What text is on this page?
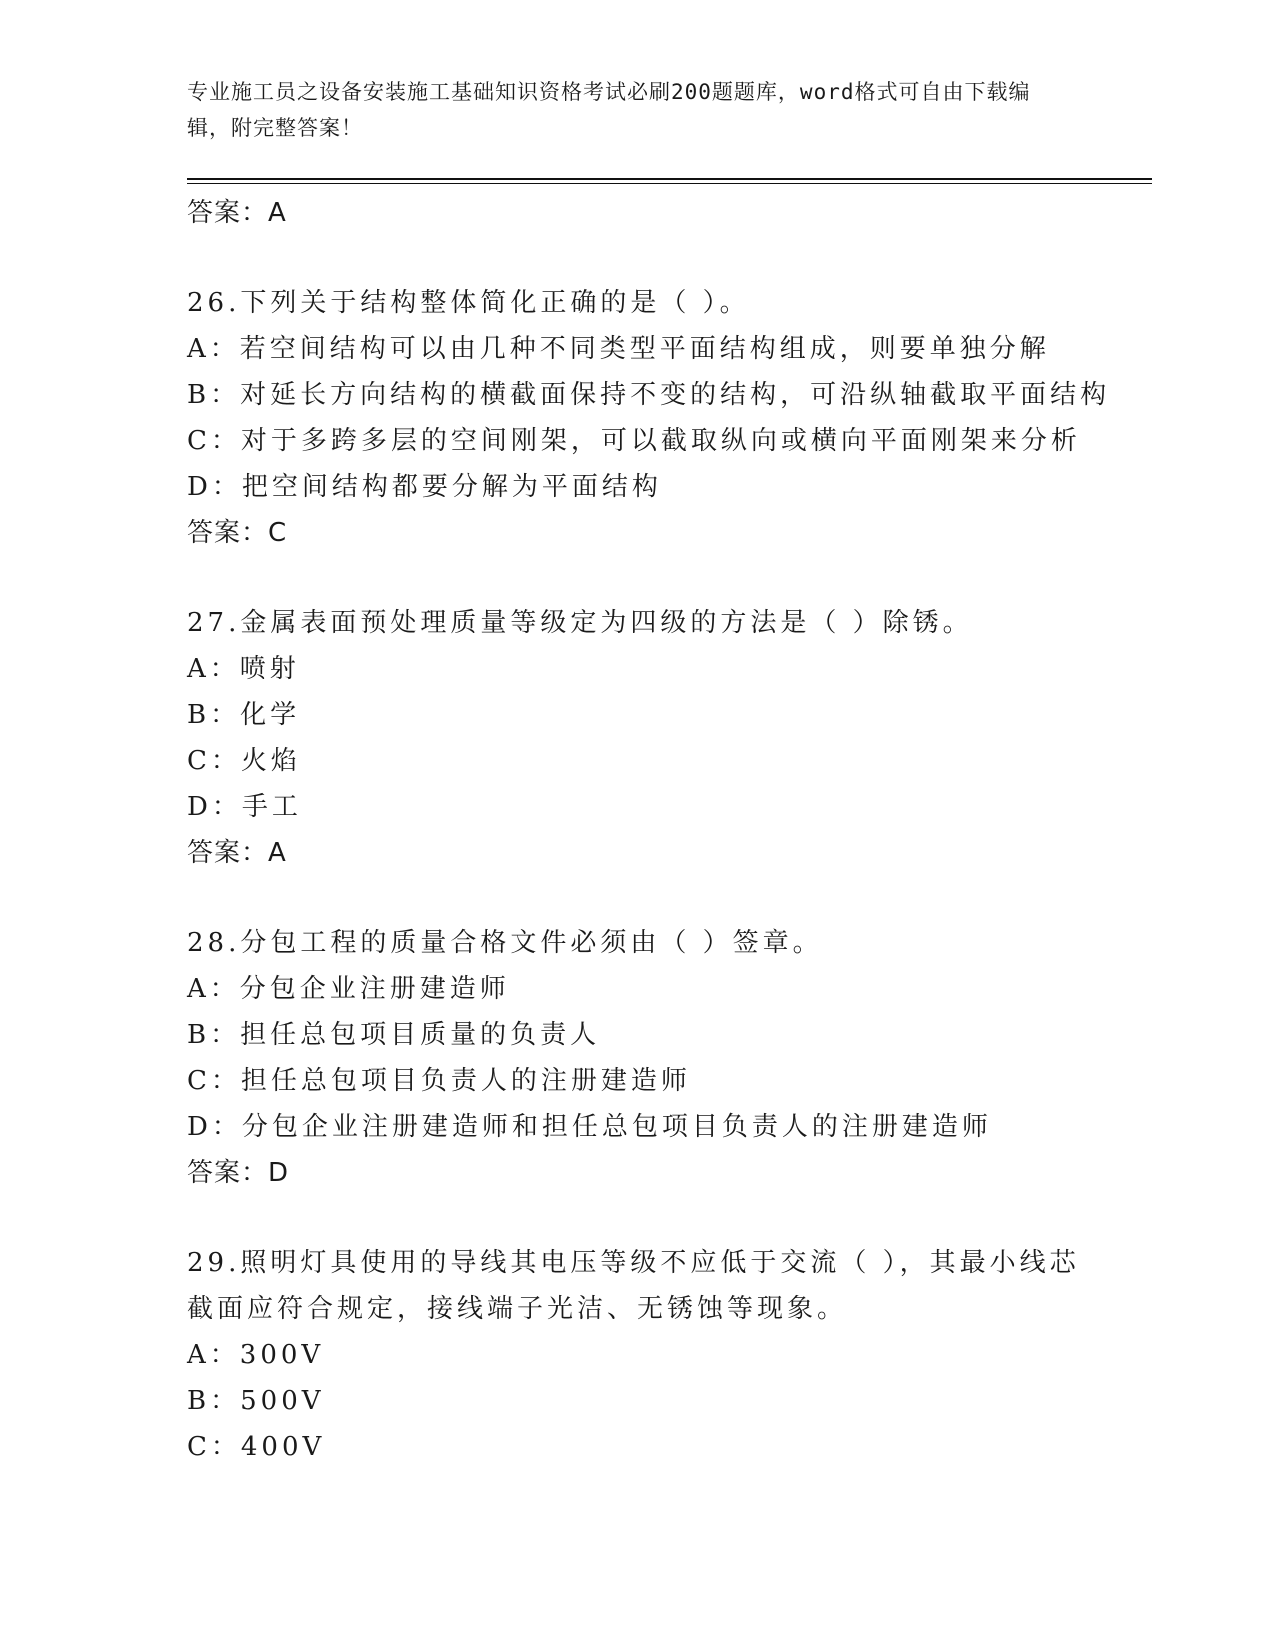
专业施工员之设备安装施工基础知识资格考试必刷200题题库，word格式可自由下载编辑，附完整答案！
答案：A
26.下列关于结构整体简化正确的是（ ）。
A：若空间结构可以由几种不同类型平面结构组成，则要单独分解
B：对延长方向结构的横截面保持不变的结构，可沿纵轴截取平面结构
C：对于多跨多层的空间刚架，可以截取纵向或横向平面刚架来分析
D：把空间结构都要分解为平面结构
答案：C
27.金属表面预处理质量等级定为四级的方法是（ ）除锈。
A：喷射
B：化学
C：火焰
D：手工
答案：A
28.分包工程的质量合格文件必须由（ ）签章。
A：分包企业注册建造师
B：担任总包项目质量的负责人
C：担任总包项目负责人的注册建造师
D：分包企业注册建造师和担任总包项目负责人的注册建造师
答案：D
29.照明灯具使用的导线其电压等级不应低于交流（ ），其最小线芯截面应符合规定，接线端子光洁、无锈蚀等现象。
A：300V
B：500V
C：400V
